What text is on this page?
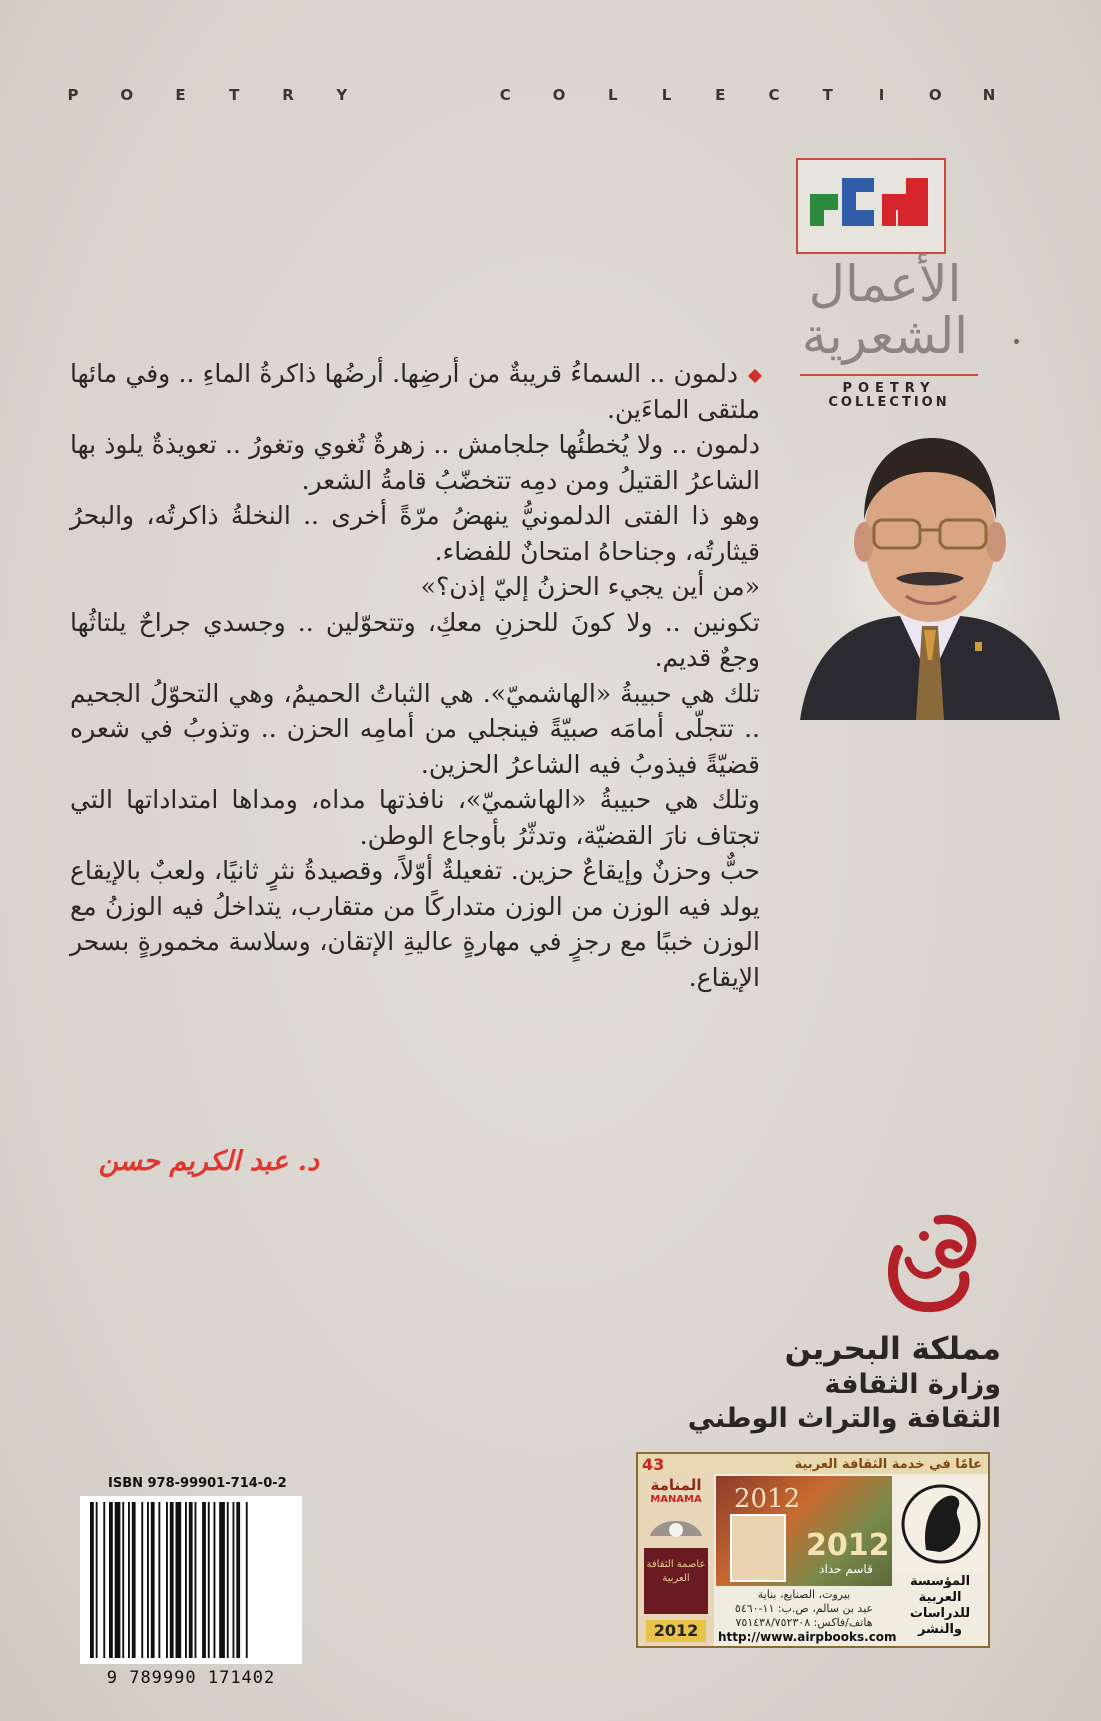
P	O	E	T	R	Y	C	O	L	L	E	C	T	I	O	N
الأعمال
الشعرية
POETRY
COLLECTION

دلمون .. السماءُ قريبةٌ من أرضِها. أرضُها ذاكرةُ الماءِ .. وفي مائها ملتقى الماءَين.

دلمون .. ولا يُخطئُها جلجامش .. زهرةٌ تُغوي وتغورُ .. تعويذةٌ يلوذ بها الشاعرُ القتيلُ ومن دمِه تتخضّبُ قامةُ الشعر.

وهو ذا الفتى الدلمونيُّ ينهضُ مرّةً أخرى .. النخلةُ ذاكرتُه، والبحرُ قيثارتُه، وجناحاهُ امتحانٌ للفضاء.

«من أين يجيء الحزنُ إليّ إذن؟»

تكونين .. ولا كونَ للحزنِ معكِ، وتتحوّلين .. وجسدي جراحٌ يلتاثُها وجعٌ قديم.

تلك هي حبيبةُ «الهاشميّ». هي الثباتُ الحميمُ، وهي التحوّلُ الجحيم .. تتجلّى أمامَه صبيّةً فينجلي من أمامِه الحزن .. وتذوبُ في شعره قضيّةً فيذوبُ فيه الشاعرُ الحزين.

وتلك هي حبيبةُ «الهاشميّ»، نافذتها مداه، ومداها امتداداتها التي تجتاف نارَ القضيّة، وتدثّرُ بأوجاع الوطن.

حبٌّ وحزنٌ وإيقاعٌ حزين. تفعيلةٌ أوّلاً، وقصيدةُ نثرٍ ثانيًا، ولعبٌ بالإيقاع يولد فيه الوزن من الوزن متداركًا من متقارب، يتداخلُ فيه الوزنُ مع الوزن خببًا مع رجزٍ في مهارةٍ عاليةِ الإتقان، وسلاسة مخمورةٍ بسحر الإيقاع.

د. عبد الكريم حسن
مملكة البحرين
وزارة الثقافة
الثقافة والتراث الوطني
ISBN 978-99901-714-0-2
9 789990 171402
43	عامًا في خدمة الثقافة العربية
المنامة
MANAMA
عاصمة الثقافة العربية
2012
2012
2012
قاسم حداد
بيروت، الصنايع، بناية
عيد بن سالم، ص.ب: ١١-٥٤٦٠
هاتف/فاكس: ٧٥١٤٣٨/٧٥٢٣٠٨
http://www.airpbooks.com
المؤسسة
العربية
للدراسات
والنشر
